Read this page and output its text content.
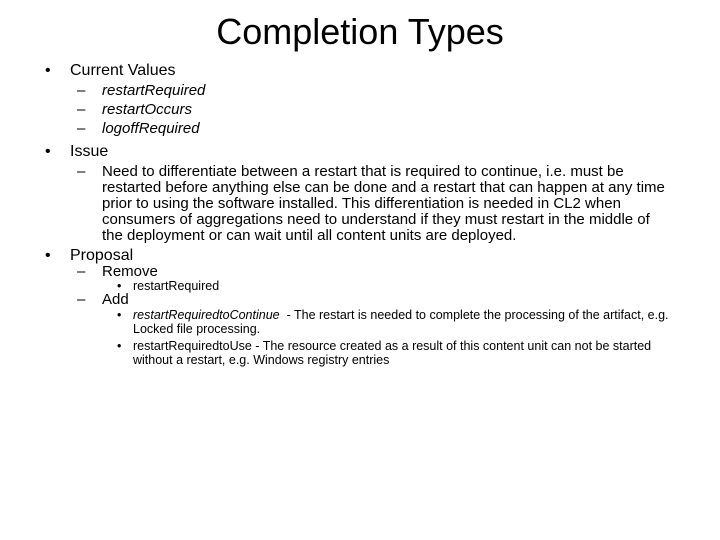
Completion Types
• Current Values
– restartRequired
– restartOccurs
– logoffRequired
• Issue
– Need to differentiate between a restart that is required to continue, i.e. must be restarted before anything else can be done and a restart that can happen at any time prior to using the software installed. This differentiation is needed in CL2 when consumers of aggregations need to understand if they must restart in the middle of the deployment or can wait until all content units are deployed.
• Proposal
– Remove
• restartRequired
– Add
• restartRequiredtoContinue  - The restart is needed to complete the processing of the artifact, e.g. Locked file processing.
• restartRequiredtoUse - The resource created as a result of this content unit can not be started without a restart, e.g. Windows registry entries
